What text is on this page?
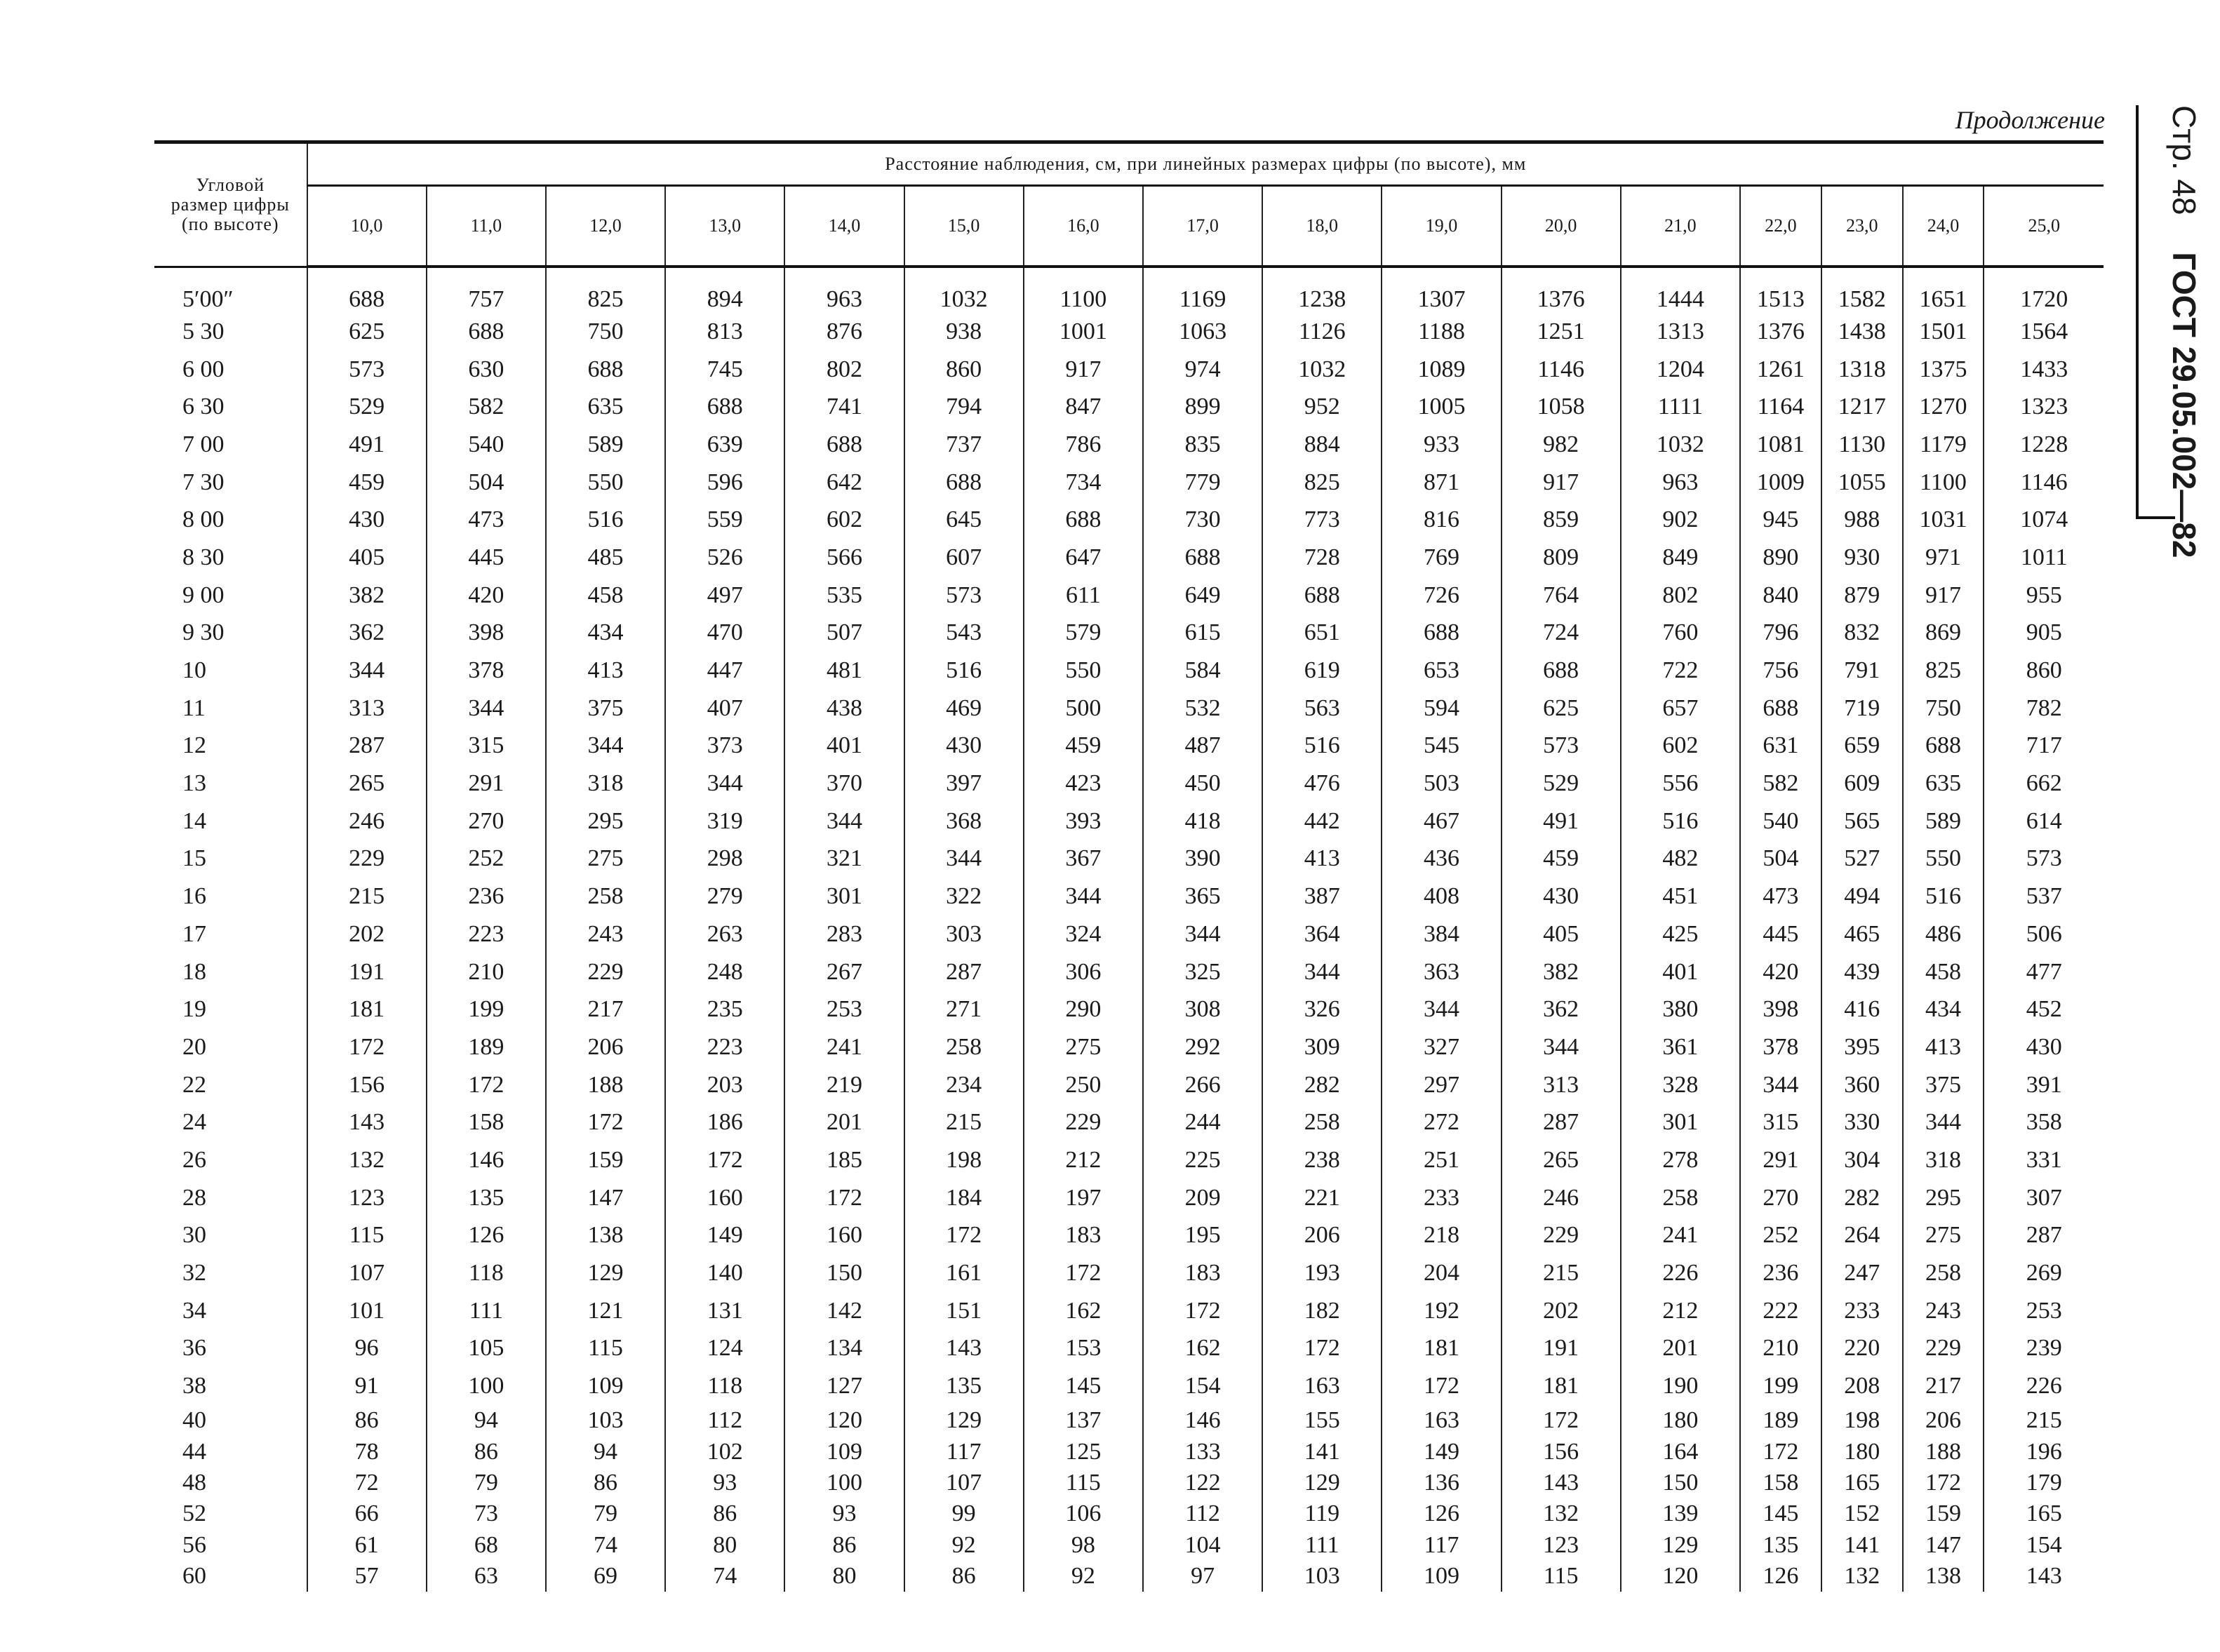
Продолжение Стр. 48 ГОСТ 29.05.002—82
Угловой
размер цифры
(по высоте)	Расстояние наблюдения, см, при линейных размерах цифры (по высоте), мм															
	10,0	11,0	12,0	13,0	14,0	15,0	16,0	17,0	18,0	19,0	20,0	21,0	22,0	23,0	24,0	25,0
5′00″	688	757	825	894	963	1032	1100	1169	1238	1307	1376	1444	1513	1582	1651	1720
5 30	625	688	750	813	876	938	1001	1063	1126	1188	1251	1313	1376	1438	1501	1564
6 00	573	630	688	745	802	860	917	974	1032	1089	1146	1204	1261	1318	1375	1433
6 30	529	582	635	688	741	794	847	899	952	1005	1058	1111	1164	1217	1270	1323
7 00	491	540	589	639	688	737	786	835	884	933	982	1032	1081	1130	1179	1228
7 30	459	504	550	596	642	688	734	779	825	871	917	963	1009	1055	1100	1146
8 00	430	473	516	559	602	645	688	730	773	816	859	902	945	988	1031	1074
8 30	405	445	485	526	566	607	647	688	728	769	809	849	890	930	971	1011
9 00	382	420	458	497	535	573	611	649	688	726	764	802	840	879	917	955
9 30	362	398	434	470	507	543	579	615	651	688	724	760	796	832	869	905
10	344	378	413	447	481	516	550	584	619	653	688	722	756	791	825	860
11	313	344	375	407	438	469	500	532	563	594	625	657	688	719	750	782
12	287	315	344	373	401	430	459	487	516	545	573	602	631	659	688	717
13	265	291	318	344	370	397	423	450	476	503	529	556	582	609	635	662
14	246	270	295	319	344	368	393	418	442	467	491	516	540	565	589	614
15	229	252	275	298	321	344	367	390	413	436	459	482	504	527	550	573
16	215	236	258	279	301	322	344	365	387	408	430	451	473	494	516	537
17	202	223	243	263	283	303	324	344	364	384	405	425	445	465	486	506
18	191	210	229	248	267	287	306	325	344	363	382	401	420	439	458	477
19	181	199	217	235	253	271	290	308	326	344	362	380	398	416	434	452
20	172	189	206	223	241	258	275	292	309	327	344	361	378	395	413	430
22	156	172	188	203	219	234	250	266	282	297	313	328	344	360	375	391
24	143	158	172	186	201	215	229	244	258	272	287	301	315	330	344	358
26	132	146	159	172	185	198	212	225	238	251	265	278	291	304	318	331
28	123	135	147	160	172	184	197	209	221	233	246	258	270	282	295	307
30	115	126	138	149	160	172	183	195	206	218	229	241	252	264	275	287
32	107	118	129	140	150	161	172	183	193	204	215	226	236	247	258	269
34	101	111	121	131	142	151	162	172	182	192	202	212	222	233	243	253
36	96	105	115	124	134	143	153	162	172	181	191	201	210	220	229	239
38	91	100	109	118	127	135	145	154	163	172	181	190	199	208	217	226
40	86	94	103	112	120	129	137	146	155	163	172	180	189	198	206	215
44	78	86	94	102	109	117	125	133	141	149	156	164	172	180	188	196
48	72	79	86	93	100	107	115	122	129	136	143	150	158	165	172	179
52	66	73	79	86	93	99	106	112	119	126	132	139	145	152	159	165
56	61	68	74	80	86	92	98	104	111	117	123	129	135	141	147	154
60	57	63	69	74	80	86	92	97	103	109	115	120	126	132	138	143
